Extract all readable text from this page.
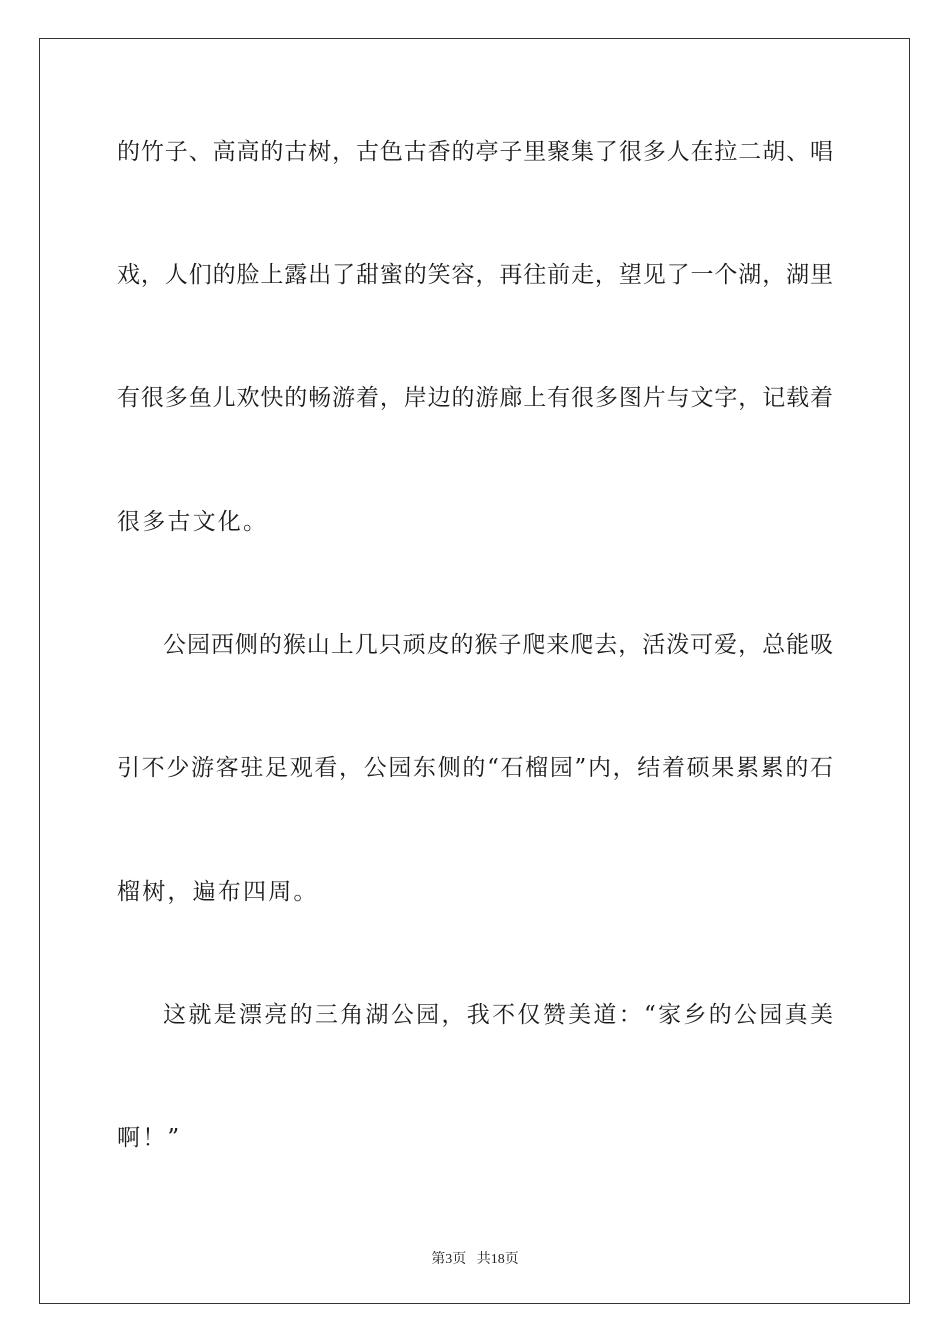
的竹子、高高的古树，古色古香的亭子里聚集了很多人在拉二胡、唱
戏，人们的脸上露出了甜蜜的笑容，再往前走，望见了一个湖，湖里
有很多鱼儿欢快的畅游着，岸边的游廊上有很多图片与文字，记载着
很多古文化。
公园西侧的猴山上几只顽皮的猴子爬来爬去，活泼可爱，总能吸
引不少游客驻足观看，公园东侧的“石榴园”内，结着硕果累累的石
榴树，遍布四周。
这就是漂亮的三角湖公园，我不仅赞美道：“家乡的公园真美
啊！”
第3页   共18页
